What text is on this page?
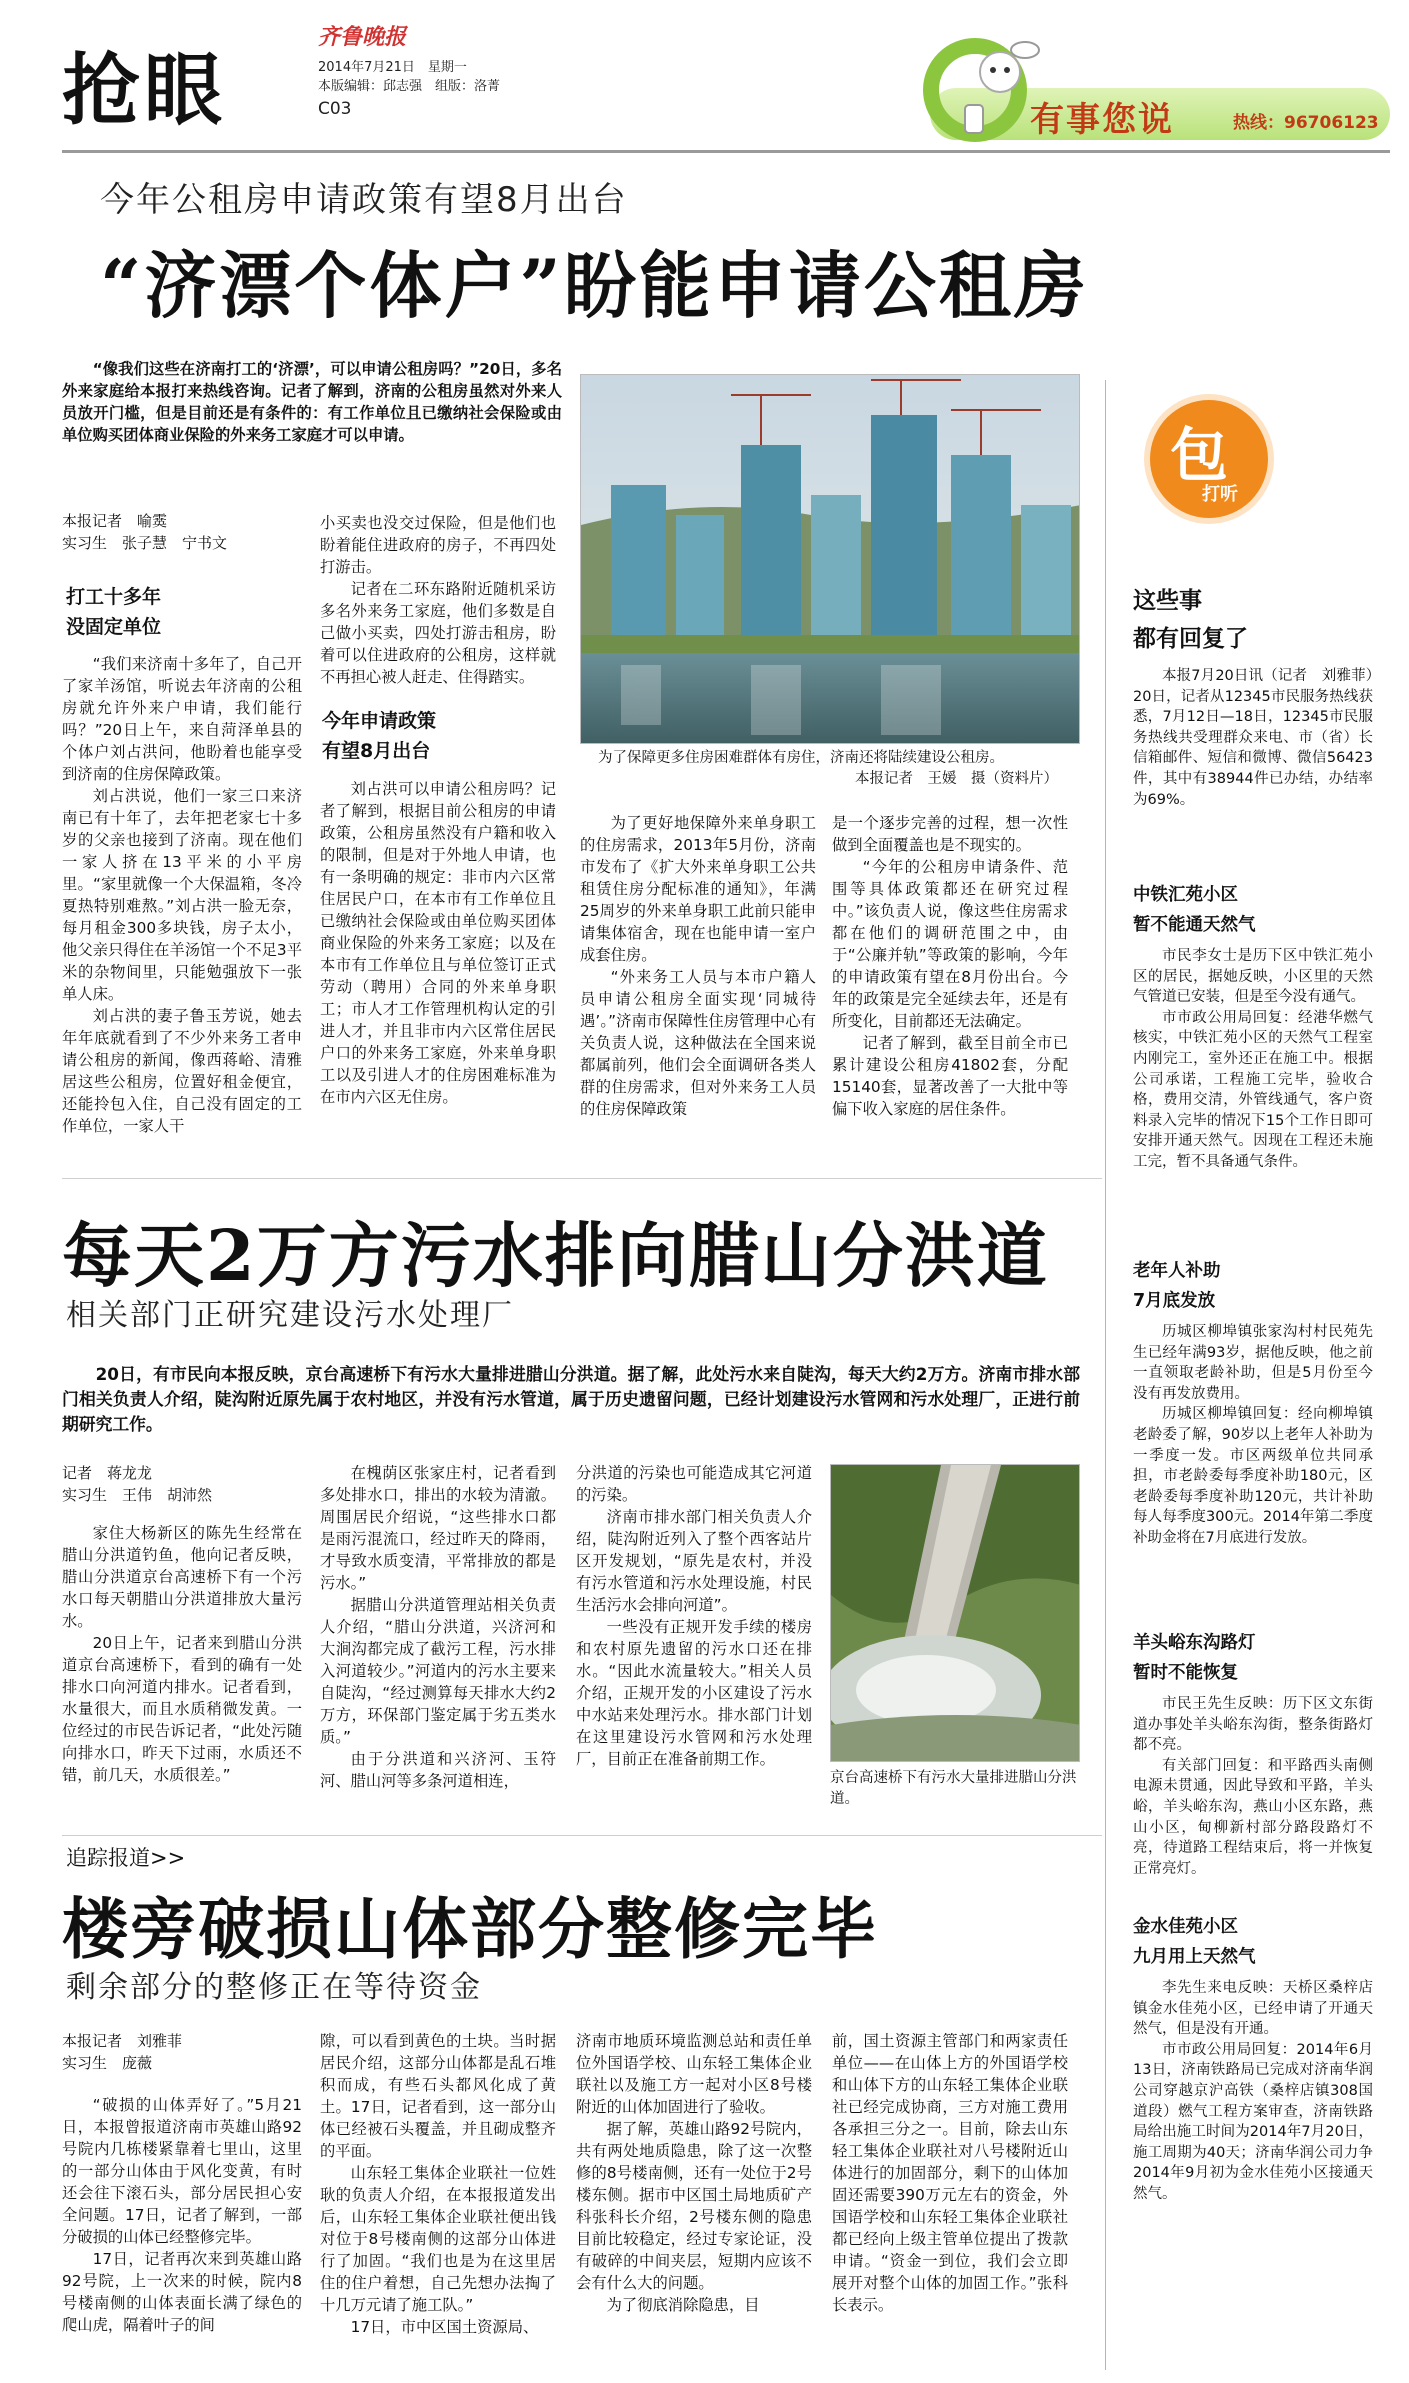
抢眼
齐鲁晚报
2014年7月21日　星期一
本版编辑：邱志强　组版：洛菁
C03	有事您说	热线：96706123
今年公租房申请政策有望8月出台
“济漂个体户”盼能申请公租房

“像我们这些在济南打工的‘济漂’，可以申请公租房吗？”20日，多名外来家庭给本报打来热线咨询。记者了解到，济南的公租房虽然对外来人员放开门槛，但是目前还是有条件的：有工作单位且已缴纳社会保险或由单位购买团体商业保险的外来务工家庭才可以申请。

为了保障更多住房困难群体有房住，济南还将陆续建设公租房。
本报记者　王媛　摄（资料片）
本报记者　喻霙
实习生　张子慧　宁书文
打工十多年
没固定单位

“我们来济南十多年了，自己开了家羊汤馆，听说去年济南的公租房就允许外来户申请，我们能行吗？”20日上午，来自菏泽单县的个体户刘占洪问，他盼着也能享受到济南的住房保障政策。

刘占洪说，他们一家三口来济南已有十年了，去年把老家七十多岁的父亲也接到了济南。现在他们一家人挤在13平米的小平房里。“家里就像一个大保温箱，冬冷夏热特别难熬。”刘占洪一脸无奈，每月租金300多块钱，房子太小，他父亲只得住在羊汤馆一个不足3平米的杂物间里，只能勉强放下一张单人床。

刘占洪的妻子鲁玉芳说，她去年年底就看到了不少外来务工者申请公租房的新闻，像西蒋峪、清雅居这些公租房，位置好租金便宜，还能拎包入住，自己没有固定的工作单位，一家人干

小买卖也没交过保险，但是他们也盼着能住进政府的房子，不再四处打游击。

记者在二环东路附近随机采访多名外来务工家庭，他们多数是自己做小买卖，四处打游击租房，盼着可以住进政府的公租房，这样就不再担心被人赶走、住得踏实。

今年申请政策
有望8月出台

刘占洪可以申请公租房吗？记者了解到，根据目前公租房的申请政策，公租房虽然没有户籍和收入的限制，但是对于外地人申请，也有一条明确的规定：非市内六区常住居民户口，在本市有工作单位且已缴纳社会保险或由单位购买团体商业保险的外来务工家庭；以及在本市有工作单位且与单位签订正式劳动（聘用）合同的外来单身职工；市人才工作管理机构认定的引进人才，并且非市内六区常住居民户口的外来务工家庭，外来单身职工以及引进人才的住房困难标准为在市内六区无住房。

为了更好地保障外来单身职工的住房需求，2013年5月份，济南市发布了《扩大外来单身职工公共租赁住房分配标准的通知》，年满25周岁的外来单身职工此前只能申请集体宿舍，现在也能申请一室户成套住房。

“外来务工人员与本市户籍人员申请公租房全面实现‘同城待遇’。”济南市保障性住房管理中心有关负责人说，这种做法在全国来说都属前列，他们会全面调研各类人群的住房需求，但对外来务工人员的住房保障政策

是一个逐步完善的过程，想一次性做到全面覆盖也是不现实的。

“今年的公租房申请条件、范围等具体政策都还在研究过程中。”该负责人说，像这些住房需求都在他们的调研范围之中，由于“公廉并轨”等政策的影响，今年的申请政策有望在8月份出台。今年的政策是完全延续去年，还是有所变化，目前都还无法确定。

记者了解到，截至目前全市已累计建设公租房41802套，分配15140套，显著改善了一大批中等偏下收入家庭的居住条件。

每天2万方污水排向腊山分洪道
相关部门正研究建设污水处理厂

20日，有市民向本报反映，京台高速桥下有污水大量排进腊山分洪道。据了解，此处污水来自陡沟，每天大约2万方。济南市排水部门相关负责人介绍，陡沟附近原先属于农村地区，并没有污水管道，属于历史遗留问题，已经计划建设污水管网和污水处理厂，正进行前期研究工作。

记者　蒋龙龙
实习生　王伟　胡沛然

家住大杨新区的陈先生经常在腊山分洪道钓鱼，他向记者反映，腊山分洪道京台高速桥下有一个污水口每天朝腊山分洪道排放大量污水。

20日上午，记者来到腊山分洪道京台高速桥下，看到的确有一处排水口向河道内排水。记者看到，水量很大，而且水质稍微发黄。一位经过的市民告诉记者，“此处污随向排水口，昨天下过雨，水质还不错，前几天，水质很差。”

在槐荫区张家庄村，记者看到多处排水口，排出的水较为清澈。周围居民介绍说，“这些排水口都是雨污混流口，经过昨天的降雨，才导致水质变清，平常排放的都是污水。”

据腊山分洪道管理站相关负责人介绍，“腊山分洪道，兴济河和大涧沟都完成了截污工程，污水排入河道较少。”河道内的污水主要来自陡沟，“经过测算每天排水大约2万方，环保部门鉴定属于劣五类水质。”

由于分洪道和兴济河、玉符河、腊山河等多条河道相连，

分洪道的污染也可能造成其它河道的污染。

济南市排水部门相关负责人介绍，陡沟附近列入了整个西客站片区开发规划，“原先是农村，并没有污水管道和污水处理设施，村民生活污水会排向河道”。

一些没有正规开发手续的楼房和农村原先遗留的污水口还在排水。“因此水流量较大。”相关人员介绍，正规开发的小区建设了污水中水站来处理污水。排水部门计划在这里建设污水管网和污水处理厂，目前正在准备前期工作。

京台高速桥下有污水大量排进腊山分洪道。
追踪报道>>
楼旁破损山体部分整修完毕
剩余部分的整修正在等待资金
本报记者　刘雅菲
实习生　庞薇

“破损的山体弄好了。”5月21日，本报曾报道济南市英雄山路92号院内几栋楼紧靠着七里山，这里的一部分山体由于风化变黄，有时还会往下滚石头，部分居民担心安全问题。17日，记者了解到，一部分破损的山体已经整修完毕。

17日，记者再次来到英雄山路92号院，上一次来的时候，院内8号楼南侧的山体表面长满了绿色的爬山虎，隔着叶子的间

隙，可以看到黄色的土块。当时据居民介绍，这部分山体都是乱石堆积而成，有些石头都风化成了黄土。17日，记者看到，这一部分山体已经被石头覆盖，并且砌成整齐的平面。

山东轻工集体企业联社一位姓耿的负责人介绍，在本报报道发出后，山东轻工集体企业联社便出钱对位于8号楼南侧的这部分山体进行了加固。“我们也是为在这里居住的住户着想，自己先想办法掏了十几万元请了施工队。”

17日，市中区国土资源局、

济南市地质环境监测总站和责任单位外国语学校、山东轻工集体企业联社以及施工方一起对小区8号楼附近的山体加固进行了验收。

据了解，英雄山路92号院内，共有两处地质隐患，除了这一次整修的8号楼南侧，还有一处位于2号楼东侧。据市中区国土局地质矿产科张科长介绍，2号楼东侧的隐患目前比较稳定，经过专家论证，没有破碎的中间夹层，短期内应该不会有什么大的问题。

为了彻底消除隐患，目

前，国土资源主管部门和两家责任单位——在山体上方的外国语学校和山体下方的山东轻工集体企业联社已经完成协商，三方对施工费用各承担三分之一。目前，除去山东轻工集体企业联社对八号楼附近山体进行的加固部分，剩下的山体加固还需要390万元左右的资金，外国语学校和山东轻工集体企业联社都已经向上级主管单位提出了拨款申请。“资金一到位，我们会立即展开对整个山体的加固工作。”张科长表示。

包
打听
这些事
都有回复了

本报7月20日讯（记者　刘雅菲）　20日，记者从12345市民服务热线获悉，7月12日—18日，12345市民服务热线共受理群众来电、市（省）长信箱邮件、短信和微博、微信56423件，其中有38944件已办结，办结率为69%。

中铁汇苑小区
暂不能通天然气

市民李女士是历下区中铁汇苑小区的居民，据她反映，小区里的天然气管道已安装，但是至今没有通气。

市市政公用局回复：经港华燃气核实，中铁汇苑小区的天然气工程室内刚完工，室外还正在施工中。根据公司承诺，工程施工完毕，验收合格，费用交清，外管线通气，客户资料录入完毕的情况下15个工作日即可安排开通天然气。因现在工程还未施工完，暂不具备通气条件。

老年人补助
7月底发放

历城区柳埠镇张家沟村村民苑先生已经年满93岁，据他反映，他之前一直领取老龄补助，但是5月份至今没有再发放费用。

历城区柳埠镇回复：经向柳埠镇老龄委了解，90岁以上老年人补助为一季度一发。市区两级单位共同承担，市老龄委每季度补助180元，区老龄委每季度补助120元，共计补助每人每季度300元。2014年第二季度补助金将在7月底进行发放。

羊头峪东沟路灯
暂时不能恢复

市民王先生反映：历下区文东街道办事处羊头峪东沟街，整条街路灯都不亮。

有关部门回复：和平路西头南侧电源未贯通，因此导致和平路，羊头峪，羊头峪东沟，燕山小区东路，燕山小区，甸柳新村部分路段路灯不亮，待道路工程结束后，将一并恢复正常亮灯。

金水佳苑小区
九月用上天然气

李先生来电反映：天桥区桑梓店镇金水佳苑小区，已经申请了开通天然气，但是没有开通。

市市政公用局回复：2014年6月13日，济南铁路局已完成对济南华润公司穿越京沪高铁（桑梓店镇308国道段）燃气工程方案审查，济南铁路局给出施工时间为2014年7月20日，施工周期为40天；济南华润公司力争2014年9月初为金水佳苑小区接通天然气。
